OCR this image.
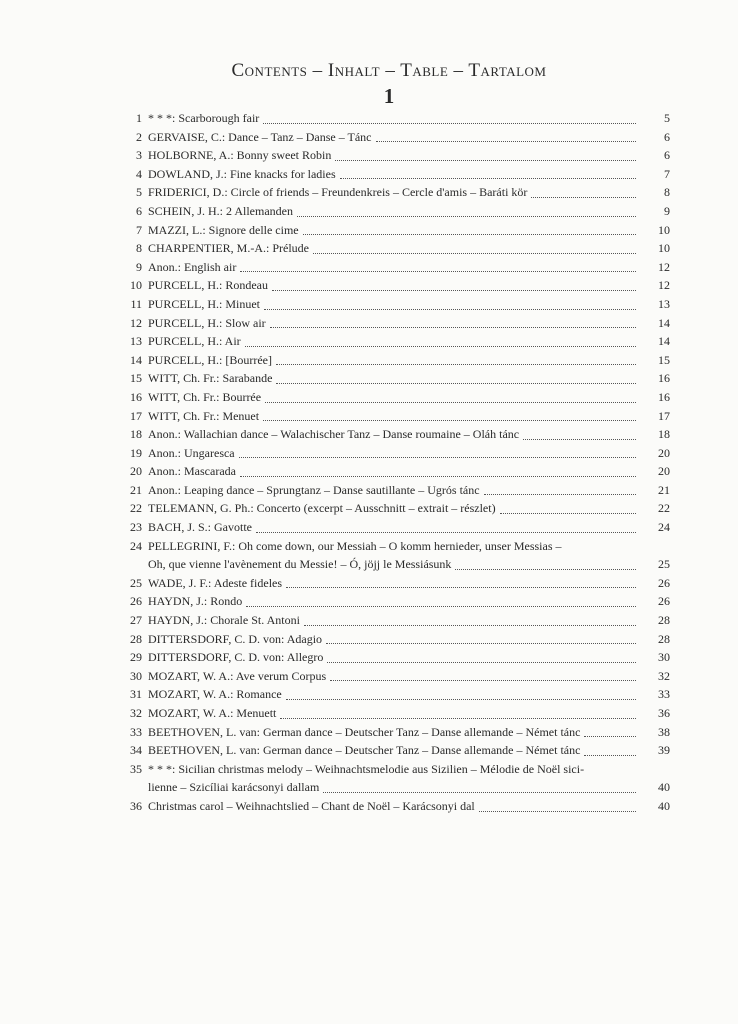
Contents – Inhalt – Table – Tartalom
1
1 * * *: Scarborough fair	5
2 GERVAISE, C.: Dance – Tanz – Danse – Tánc	6
3 HOLBORNE, A.: Bonny sweet Robin	6
4 DOWLAND, J.: Fine knacks for ladies	7
5 FRIDERICI, D.: Circle of friends – Freundenkreis – Cercle d'amis – Baráti kör	8
6 SCHEIN, J. H.: 2 Allemanden	9
7 MAZZI, L.: Signore delle cime	10
8 CHARPENTIER, M.-A.: Prélude	10
9 Anon.: English air	12
10 PURCELL, H.: Rondeau	12
11 PURCELL, H.: Minuet	13
12 PURCELL, H.: Slow air	14
13 PURCELL, H.: Air	14
14 PURCELL, H.: [Bourrée]	15
15 WITT, Ch. Fr.: Sarabande	16
16 WITT, Ch. Fr.: Bourrée	16
17 WITT, Ch. Fr.: Menuet	17
18 Anon.: Wallachian dance – Walachischer Tanz – Danse roumaine – Oláh tánc	18
19 Anon.: Ungaresca	20
20 Anon.: Mascarada	20
21 Anon.: Leaping dance – Sprungtanz – Danse sautillante – Ugrós tánc	21
22 TELEMANN, G. Ph.: Concerto (excerpt – Ausschnitt – extrait – részlet)	22
23 BACH, J. S.: Gavotte	24
24 PELLEGRINI, F.: Oh come down, our Messiah – O komm hernieder, unser Messias –
Oh, que vienne l'avènement du Messie! – Ó, jöjj le Messiásunk	25
25 WADE, J. F.: Adeste fideles	26
26 HAYDN, J.: Rondo	26
27 HAYDN, J.: Chorale St. Antoni	28
28 DITTERSDORF, C. D. von: Adagio	28
29 DITTERSDORF, C. D. von: Allegro	30
30 MOZART, W. A.: Ave verum Corpus	32
31 MOZART, W. A.: Romance	33
32 MOZART, W. A.: Menuett	36
33 BEETHOVEN, L. van: German dance – Deutscher Tanz – Danse allemande – Német tánc	38
34 BEETHOVEN, L. van: German dance – Deutscher Tanz – Danse allemande – Német tánc	39
35 * * *: Sicilian christmas melody – Weihnachtsmelodie aus Sizilien – Mélodie de Noël sici-
lienne – Szicíliai karácsonyi dallam	40
36 Christmas carol – Weihnachtslied – Chant de Noël – Karácsonyi dal	40
